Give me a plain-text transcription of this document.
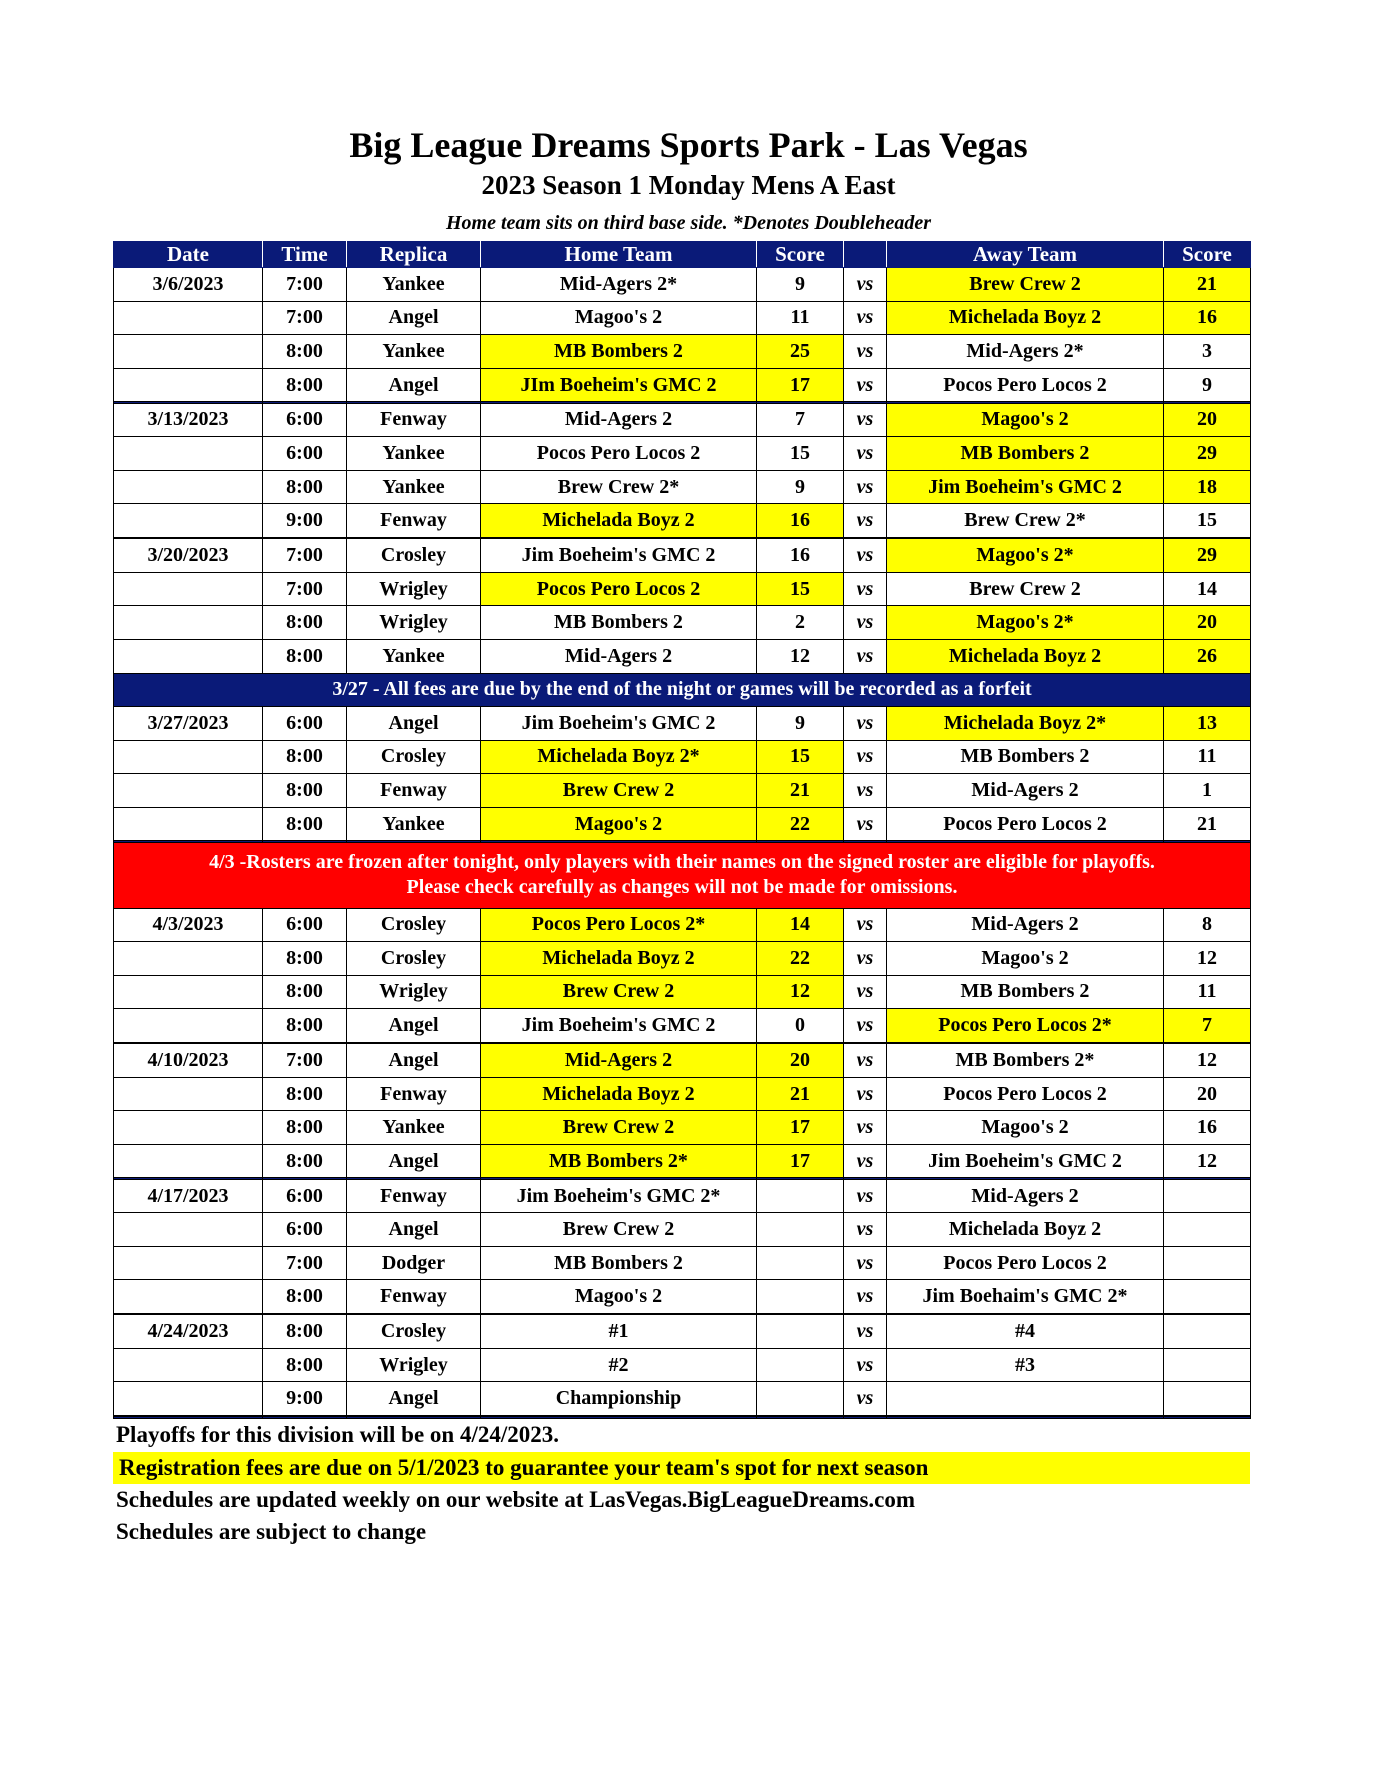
Big League Dreams Sports Park - Las Vegas
2023 Season 1 Monday Mens A East
Home team sits on third base side. *Denotes Doubleheader
Date	Time	Replica	Home Team	Score		Away Team	Score
3/6/2023	7:00	Yankee	Mid-Agers 2*	9	vs	Brew Crew 2	21
	7:00	Angel	Magoo's 2	11	vs	Michelada Boyz 2	16
	8:00	Yankee	MB Bombers 2	25	vs	Mid-Agers 2*	3
	8:00	Angel	JIm Boeheim's GMC 2	17	vs	Pocos Pero Locos 2	9

3/13/2023	6:00	Fenway	Mid-Agers 2	7	vs	Magoo's 2	20
	6:00	Yankee	Pocos Pero Locos 2	15	vs	MB Bombers 2	29
	8:00	Yankee	Brew Crew 2*	9	vs	Jim Boeheim's GMC 2	18
	9:00	Fenway	Michelada Boyz 2	16	vs	Brew Crew 2*	15

3/20/2023	7:00	Crosley	Jim Boeheim's GMC 2	16	vs	Magoo's 2*	29
	7:00	Wrigley	Pocos Pero Locos 2	15	vs	Brew Crew 2	14
	8:00	Wrigley	MB Bombers 2	2	vs	Magoo's 2*	20
	8:00	Yankee	Mid-Agers 2	12	vs	Michelada Boyz 2	26
3/27 - All fees are due by the end of the night or games will be recorded as a forfeit							
3/27/2023	6:00	Angel	Jim Boeheim's GMC 2	9	vs	Michelada Boyz 2*	13
	8:00	Crosley	Michelada Boyz 2*	15	vs	MB Bombers 2	11
	8:00	Fenway	Brew Crew 2	21	vs	Mid-Agers 2	1
	8:00	Yankee	Magoo's 2	22	vs	Pocos Pero Locos 2	21

4/3 -Rosters are frozen after tonight, only players with their names on the signed roster are eligible for playoffs.
Please check carefully as changes will not be made for omissions.							

4/3/2023	6:00	Crosley	Pocos Pero Locos 2*	14	vs	Mid-Agers 2	8
	8:00	Crosley	Michelada Boyz 2	22	vs	Magoo's 2	12
	8:00	Wrigley	Brew Crew 2	12	vs	MB Bombers 2	11
	8:00	Angel	Jim Boeheim's GMC 2	0	vs	Pocos Pero Locos 2*	7

4/10/2023	7:00	Angel	Mid-Agers 2	20	vs	MB Bombers 2*	12
	8:00	Fenway	Michelada Boyz 2	21	vs	Pocos Pero Locos 2	20
	8:00	Yankee	Brew Crew 2	17	vs	Magoo's 2	16
	8:00	Angel	MB Bombers 2*	17	vs	Jim Boeheim's GMC 2	12

4/17/2023	6:00	Fenway	Jim Boeheim's GMC 2*		vs	Mid-Agers 2	
	6:00	Angel	Brew Crew 2		vs	Michelada Boyz 2	
	7:00	Dodger	MB Bombers 2		vs	Pocos Pero Locos 2	
	8:00	Fenway	Magoo's 2		vs	Jim Boehaim's GMC 2*	

4/24/2023	8:00	Crosley	#1		vs	#4	
	8:00	Wrigley	#2		vs	#3	
	9:00	Angel	Championship		vs		

Playoffs for this division will be on 4/24/2023.
Registration fees are due on 5/1/2023 to guarantee your team's spot for next season
Schedules are updated weekly on our website at LasVegas.BigLeagueDreams.com
Schedules are subject to change
